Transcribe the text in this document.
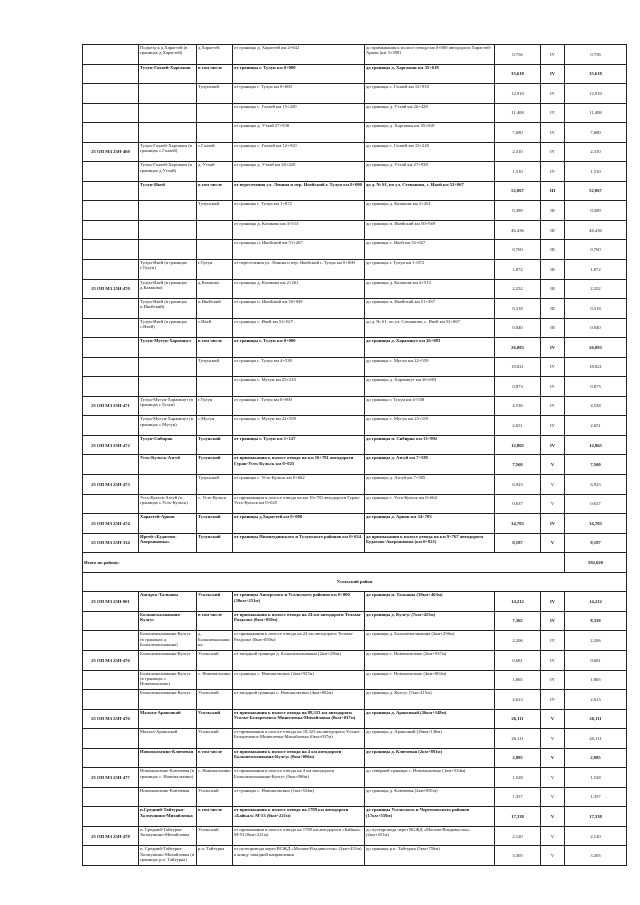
	Подъезд к д.Харагтей (в границах д.Харагтей)	д.Харагтей	от границы д. Харагтей км 2+642	до примыкания к полосе отвода км 0+000 автодороги Харагтей-Ариан (км 3+398)	0,756	IV	0,756
	Тулун-Галаей-Харгакин	в том числе	от границы г. Тулун км 0+000	до границы д. Харгакин км 35+618	35,618	IV	35,618
		Тулунский	от границы г. Тулун км 0+000	до границы с. Галаей км 12+910	12,910	IV	12,910
			от границы с. Галаей км 15+220	до границы д. Утхай км 26+428	11,408	IV	11,408
			от границы д. Утхай 27+938	до границы д. Харгакин км 35+618	7,680	IV	7,680
25 ОП МЗ 25Н-469	Тулун-Галаей-Харгакин (в границах с.Галаей)	с.Галаей	от границы с. Галаей км 12+910	до границы с. Галаей км 15+220	2,310	IV	2,310
	Тулун-Галаей-Харгакин (в границах д.Утхай)	д. Утхай	от границы д. Утхай км 26+428	до границы д. Утхай км 27+938	1,510	IV	1,510
	Тулун-Икей	в том числе	от пересечения ул. Ленина и пер. Икейский г. Тулун км 0+000	до д. № 61, по ул. Степанова, с. Икей км 52+067	52,067	III	52,067
		Тулунский	от границы г. Тулун км 1+872	до границы д. Казакова км 2+261	0,389	III	0,389
			от границы д. Казакова км 4+513	до границы п. Икейский км 50+949	46,436	III	46,436
			от границы п. Икейский км 51+267	до границы с. Икей км 52+027	0,760	III	0,760
	Тулун-Икей (в границах г.Тулун)	г.Тулун	от пересечения ул. Ленина и пер. Икейский г. Тулун км 0+000	до границы г. Тулун км 1+872	1,872	III	1,872
25 ОП МЗ 25Н-470	Тулун-Икей (в границах д.Казакова)	д.Казакова	от границы д. Казакова км 2+261	до границы д. Казакова км 4+513	2,252	III	2,252
	Тулун-Икей (в границах п.Икейский)	п.Икейский	от границы п. Икейский км 50+949	до границы п. Икейский км 51+267	0,318	III	0,318
	Тулун-Икей (в границах с.Икей)	с.Икей	от границы с. Икей км 52+027	до д. № 61, по ул. Степанова, с. Икей км 52+067	0,040	III	0,040
	Тулун-Мугун-Харамшут	в том числе	от границы г. Тулун км 0+000	до границы д. Харамшут км 26+083	26,083	IV	26,083
		Тулунский	от границы г. Тулун км 4+538	до границы с. Мугун км 22+559	18,021	IV	18,021
			от границы с. Мугун км 25+210	до границы д. Харамшут км 26+083	0,873	IV	0,873
25 ОП МЗ 25Н-471	Тулун-Мугун-Харамшут (в границах г.Тулун)	г.Тулун	от границы г. Тулун км 0+000	до границы г. Тулун км 4+538	4,538	IV	4,538
	Тулун-Мугун-Харамшут (в границах с.Мугун)	с.Мугун	от границы с. Мугун км 22+559	до границы с. Мугун км 25+210	2,651	IV	2,651
25 ОП МЗ 25Н-472	Тулун-Сибиряк	Тулунский	от границы г. Тулун км 1+127	до границы п. Сибиряк км 13+992	12,865	IV	12,865
	Усть-Кульск-Азгуй	Тулунский	от примыкания к полосе отвода на км 16+781 автодороги Гуран-Усть-Кульск км 0+025	до границы д. Азгуй км 7+585	7,560	V	7,560
25 ОП МЗ 25Н-473		Тулунский	от границы с. Усть-Кульск км 0+662	до границы д. Азгуй км 7+585	6,923	V	6,923
	Усть-Кульск-Азгуй (в границах с.Усть-Кульск)	с. Усть-Кульск	от примыкания к полосе отвода на км 16+781 автодороги Гуран-Усть-Кульск км 0+025	до границы с. Усть-Кульск км 0+662	0,637	V	0,637
25 ОП МЗ 25Н-474	Харагтей-Ариан	Тулунский	от границы д.Харагтей км 0+000	до границы д. Ариан км 34+703	34,703	IV	34,703
25 ОП МЗ 25Н-334	Иргей-«Будагово-Аверьяновка»	Тулунский	от границы Нижнеудинского и Тулунского районов км 0+634	до примыкания к полосе отвода на км 9+767 автодороги Будагово-Аверьяновка (км 0+821)	0,187	V	0,187
Итого по району:							592,620
Усольский район							
25 ОП МЗ 25Н-001	Ангарск-Тальяны	Усольский	от границы Ангарского и Усольского районов км 0+000 (30км+251м)	до границы п. Тальяны (30км+463м)	14,212	IV	14,212
	Большежалнакина-Кулгус	в том числе	от примыкания к полосе отвода на 24 км автодороги Тельма-Раздолье (0км+050м)	до границы д. Кулгус (7км+415м)	7,365	IV	8,350
	Большежалнакина-Кулгус (в границах д. Большежалнакина)	д. Большежалнакина	от примыкания к полосе отвода на 24 км автодороги Тельма-Раздолье (0км+050м)	до границы д. Большежалнакина (2км+256м)	2,206	IV	2,206
25 ОП МЗ 25Н-476	Большежалнакина-Кулгус	Усольский	от западной границы д. Большежалнакина (2км+256м)	до границы с. Новомальтино (2км+937м)	0,681	IV	0,681
	Большежалнакина-Кулгус (в границах с. Новомальтино)	с. Новомальтино	от границы с. Новомальтино (2км+937м)	до границы с. Новомальтино (4км+802м)	1,865	IV	1,865
	Большежалнакина-Кулгус	Усольский	от западной границы с. Новомальтино (4км+802м)	до границы д. Кулгус (7км+415м)	2,613	IV	2,613
25 ОП МЗ 25Н-476	Мальта-Арансикай	Усольский	от примыкания к полосе отвода на 88,323 км автодороги Усолье-Белореченск-Мишелевка-Михайловка (0км+037м)	до границы д. Арансикай (26км+148м)	26,111	V	26,111
	Мальта-Арансикай	Усольский	от примыкания к полосе отвода на 18,323 км автодороги Усолье-Белореченск-Мишелевка-Михайловка (0км+037м)	до границы д. Арансикай (26км+148м)	26,111	V	26,111
	Новомальтино-Ключевая	в том числе	от примыкания к полосе отвода на 4 км автодороги Большежалнакина-Кулгус (0км+006м)	до границы д. Ключевая (2км+891м)	2,885	V	2,885
25 ОП МЗ 25Н-477	Новомальтино-Ключевая (в границах с. Новомальтино)	с. Новомальтино	от примыкания к полосе отвода на 4 км автодороги Большежалнакина-Кулгус (0км+006м)	до северной границы с. Новомальтино (1км+534м)	1,528	V	1,528
	Новомальтино-Ключевая	Усольский	от границы с. Новомальтино (1км+534м)	до границы д. Ключевая (2км+891м)	1,357	V	1,357
	п.Средний-Тайтурка-Холмушино-Михайловка	в том числе	от примыкания к полосе отвода на 1789 км автодороги «Байкал» М-53 (0км+221м)	до границы Усольского и Черемховского районов (17км+559м)	17,338	V	17,338
25 ОП МЗ 25Н-478	п. Средний-Тайтурка-Холмушино-Михайловка	Усольский	от примыкания к полосе отвода на 1789 км автодороги «Байкал» М-53 (0км+221м)	до путепровода через ВСЖД «Москва-Владивосток» (2км+451м)	2,120	V	2,120
	п. Средний-Тайтурка-Холмушино-Михайловка (в границах р.п. Тайтурка)	р.п. Тайтурка	от путепровода через ВСЖД «Москва-Владивосток» (2км+451м) к концу западной направления	до границы р.п. Тайтурка (5км+756м)	3,305	V	3,305
